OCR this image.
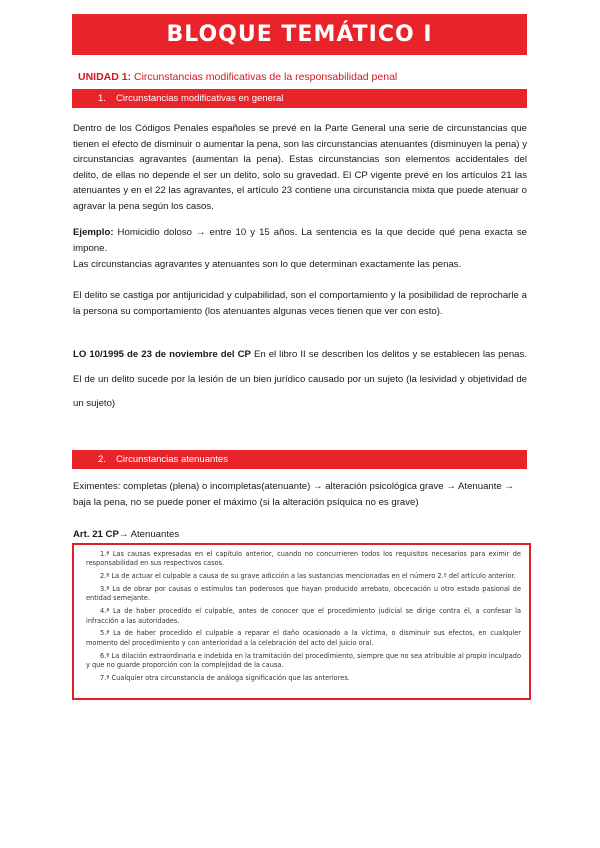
BLOQUE TEMÁTICO I
UNIDAD 1: Circunstancias modificativas de la responsabilidad penal
1. Circunstancias modificativas en general
Dentro de los Códigos Penales españoles se prevé en la Parte General una serie de circunstancias que tienen el efecto de disminuir o aumentar la pena, son las circunstancias atenuantes (disminuyen la pena) y circunstancias agravantes (aumentan la pena). Estas circunstancias son elementos accidentales del delito, de ellas no depende el ser un delito, solo su gravedad. El CP vigente prevé en los artículos 21 las atenuantes y en el 22 las agravantes, el artículo 23 contiene una circunstancia mixta que puede atenuar o agravar la pena según los casos.
Ejemplo: Homicidio doloso → entre 10 y 15 años. La sentencia es la que decide qué pena exacta se impone.
Las circunstancias agravantes y atenuantes son lo que determinan exactamente las penas.
El delito se castiga por antijuricidad y culpabilidad, son el comportamiento y la posibilidad de reprocharle a la persona su comportamiento (los atenuantes algunas veces tienen que ver con esto).
LO 10/1995 de 23 de noviembre del CP En el libro II se describen los delitos y se establecen las penas. El de un delito sucede por la lesión de un bien jurídico causado por un sujeto (la lesividad y objetividad de un sujeto)
2. Circunstancias atenuantes
Eximentes: completas (plena) o incompletas(atenuante) → alteración psicológica grave → Atenuante → baja la pena, no se puede poner el máximo (si la alteración psíquica no es grave)
Art. 21 CP→ Atenuantes
1.ª Las causas expresadas en el capítulo anterior, cuando no concurrieren todos los requisitos necesarios para eximir de responsabilidad en sus respectivos casos.
2.ª La de actuar el culpable a causa de su grave adicción a las sustancias mencionadas en el número 2.º del artículo anterior.
3.ª La de obrar por causas o estímulos tan poderosos que hayan producido arrebato, obcecación u otro estado pasional de entidad semejante.
4.ª La de haber procedido el culpable, antes de conocer que el procedimiento judicial se dirige contra él, a confesar la infracción a las autoridades.
5.ª La de haber procedido el culpable a reparar el daño ocasionado a la víctima, o disminuir sus efectos, en cualquier momento del procedimiento y con anterioridad a la celebración del acto del juicio oral.
6.ª La dilación extraordinaria e indebida en la tramitación del procedimiento, siempre que no sea atribuible al propio inculpado y que no guarde proporción con la complejidad de la causa.
7.ª Cualquier otra circunstancia de análoga significación que las anteriores.
